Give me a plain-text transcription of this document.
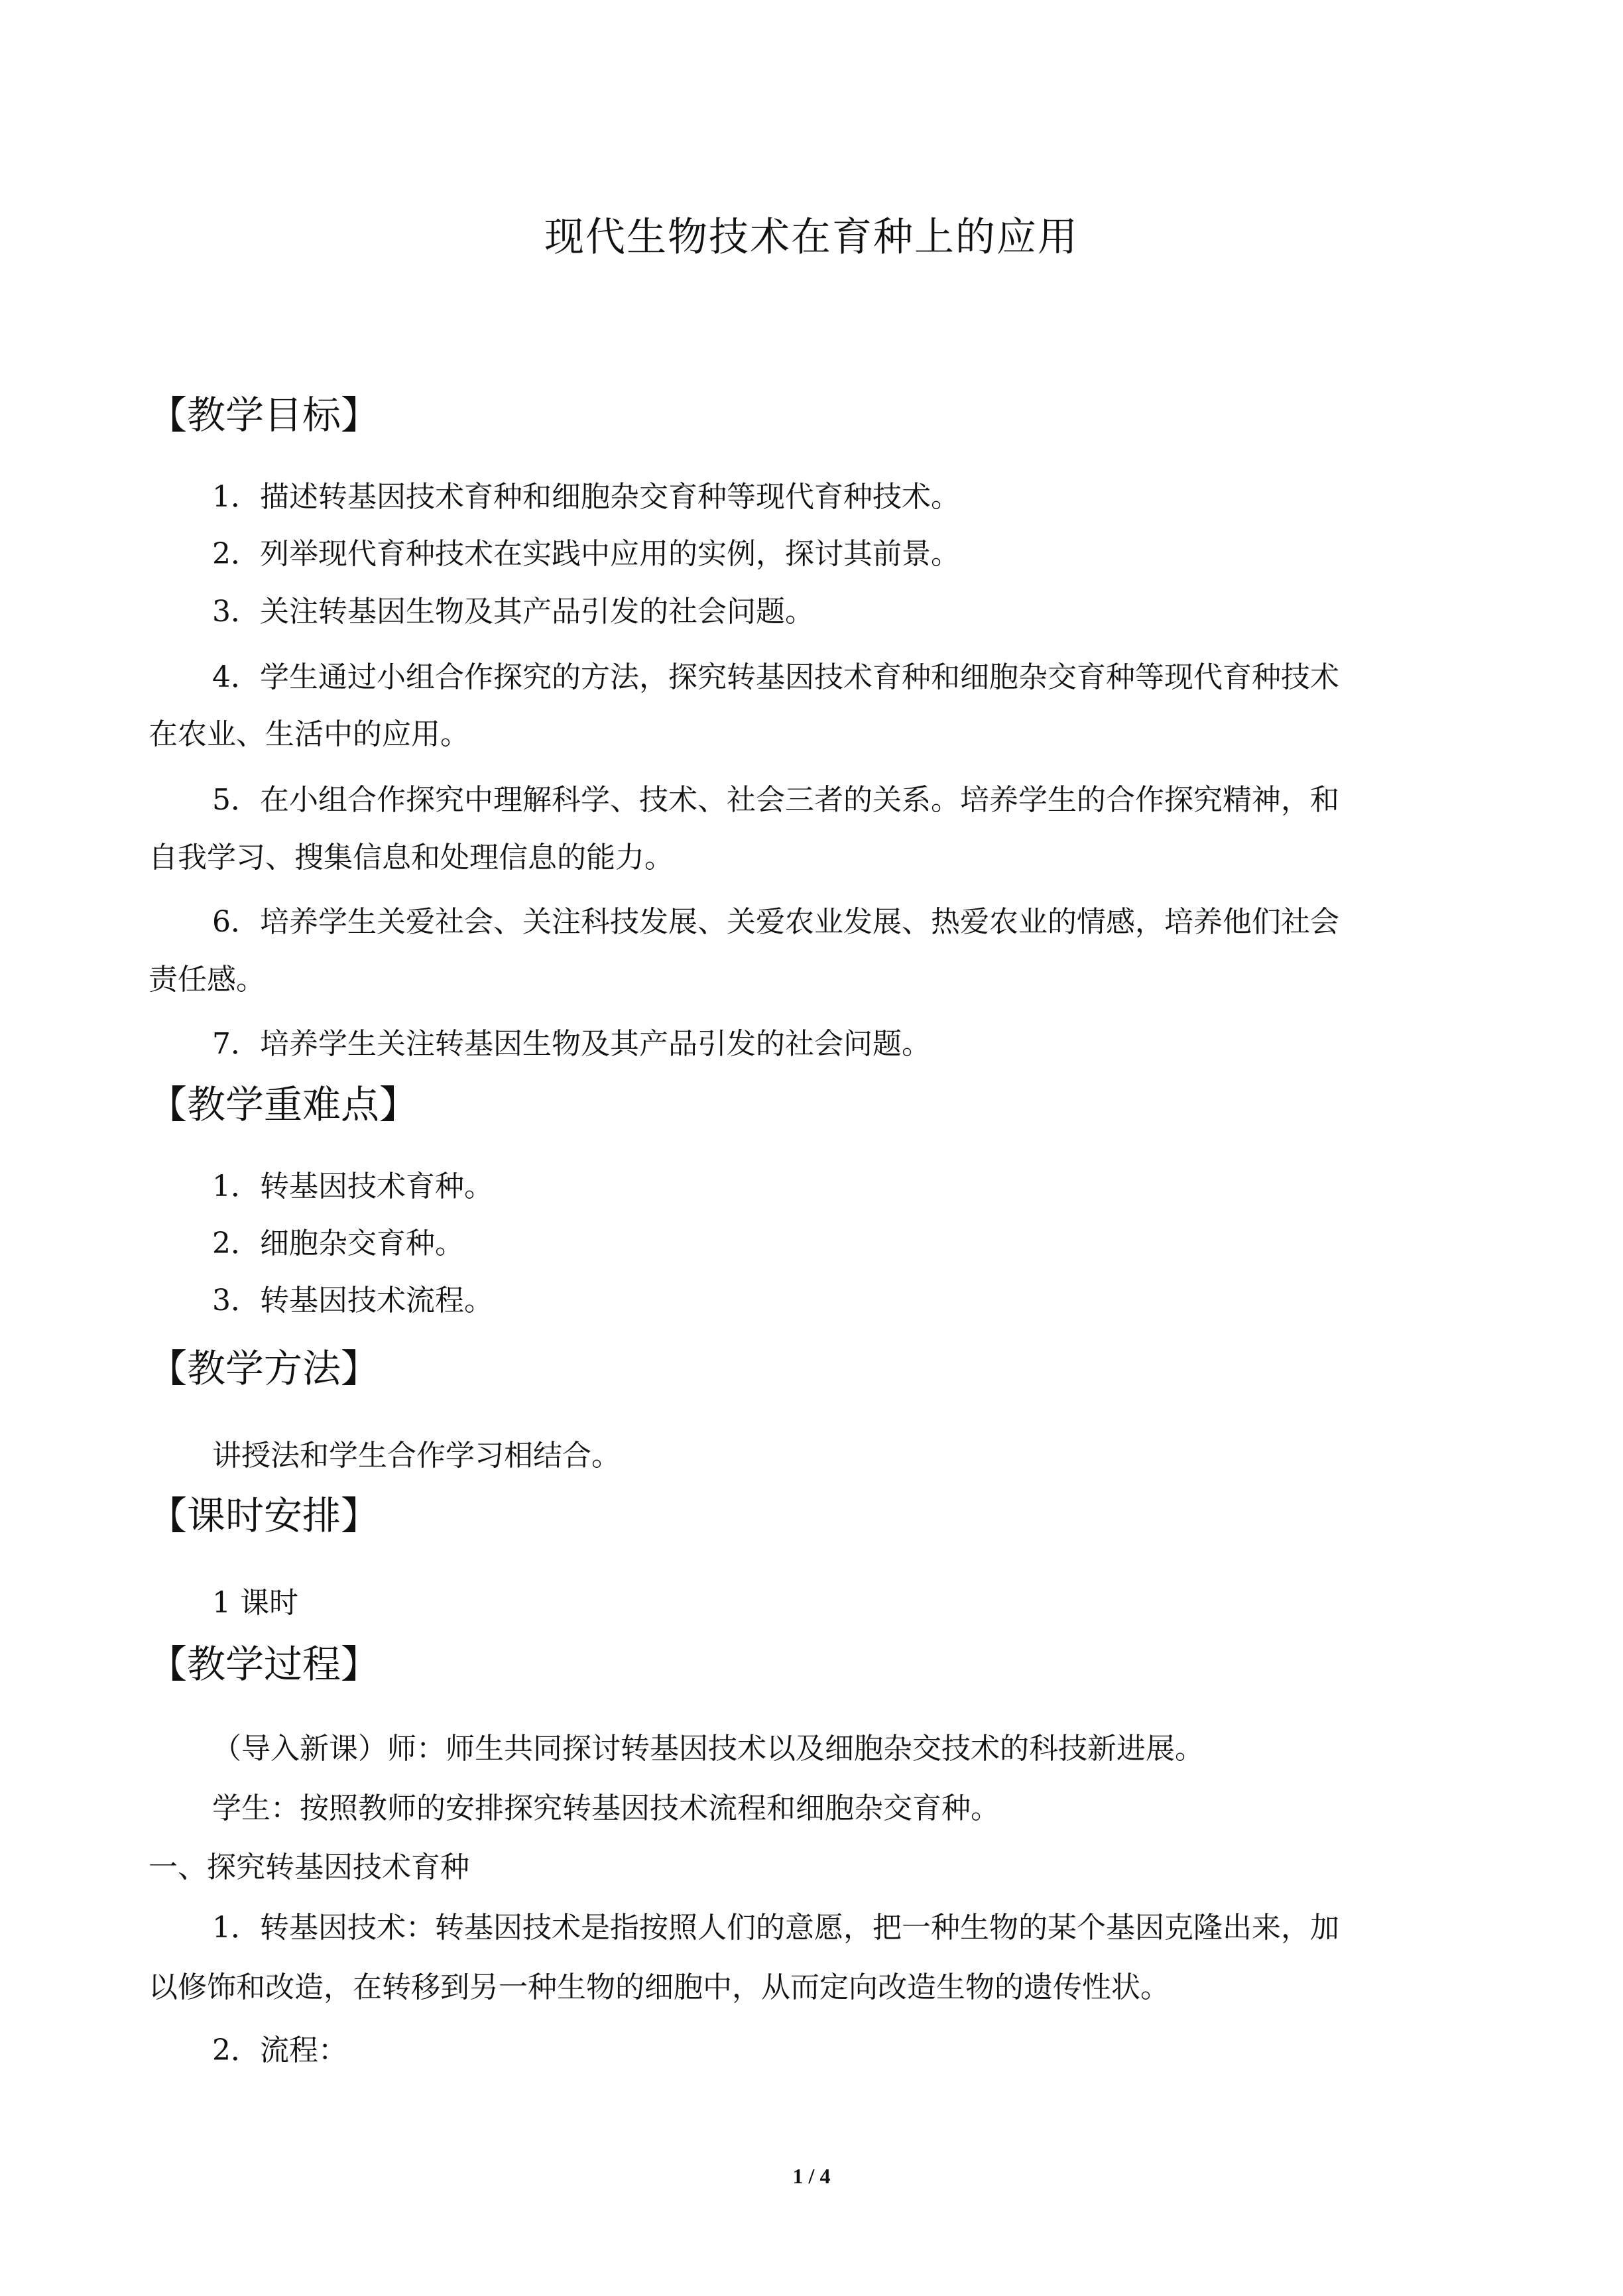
现代生物技术在育种上的应用
【教学目标】
1．描述转基因技术育种和细胞杂交育种等现代育种技术。
2．列举现代育种技术在实践中应用的实例，探讨其前景。
3．关注转基因生物及其产品引发的社会问题。
4．学生通过小组合作探究的方法，探究转基因技术育种和细胞杂交育种等现代育种技术
在农业、生活中的应用。
5．在小组合作探究中理解科学、技术、社会三者的关系。培养学生的合作探究精神，和
自我学习、搜集信息和处理信息的能力。
6．培养学生关爱社会、关注科技发展、关爱农业发展、热爱农业的情感，培养他们社会
责任感。
7．培养学生关注转基因生物及其产品引发的社会问题。
【教学重难点】
1．转基因技术育种。
2．细胞杂交育种。
3．转基因技术流程。
【教学方法】
讲授法和学生合作学习相结合。
【课时安排】
1 课时
【教学过程】
（导入新课）师：师生共同探讨转基因技术以及细胞杂交技术的科技新进展。
学生：按照教师的安排探究转基因技术流程和细胞杂交育种。
一、探究转基因技术育种
1．转基因技术：转基因技术是指按照人们的意愿，把一种生物的某个基因克隆出来，加
以修饰和改造，在转移到另一种生物的细胞中，从而定向改造生物的遗传性状。
2．流程：
1 / 4
